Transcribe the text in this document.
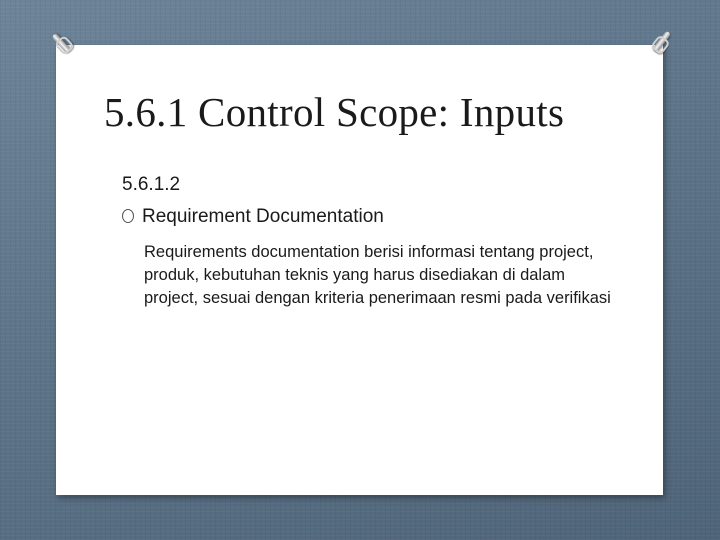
5.6.1 Control Scope: Inputs
5.6.1.2
Requirement Documentation
Requirements documentation berisi informasi tentang project, produk, kebutuhan teknis yang harus disediakan di dalam project, sesuai dengan kriteria penerimaan resmi pada verifikasi
